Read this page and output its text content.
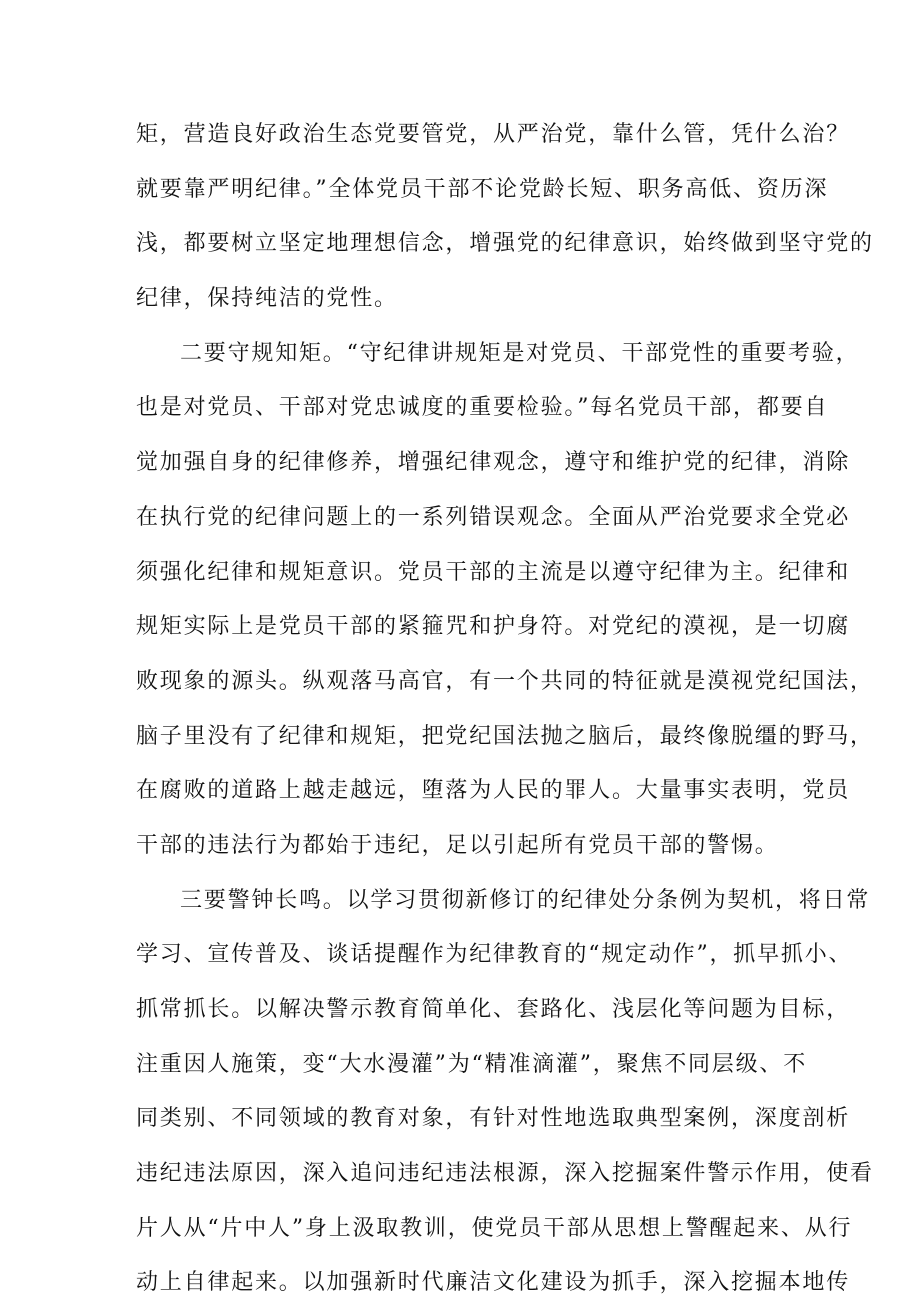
矩，营造良好政治生态党要管党，从严治党，靠什么管，凭什么治？
就要靠严明纪律。”全体党员干部不论党龄长短、职务高低、资历深
浅，都要树立坚定地理想信念，增强党的纪律意识，始终做到坚守党的
纪律，保持纯洁的党性。
二要守规知矩。“守纪律讲规矩是对党员、干部党性的重要考验，
也是对党员、干部对党忠诚度的重要检验。”每名党员干部，都要自
觉加强自身的纪律修养，增强纪律观念，遵守和维护党的纪律，消除
在执行党的纪律问题上的一系列错误观念。全面从严治党要求全党必
须强化纪律和规矩意识。党员干部的主流是以遵守纪律为主。纪律和
规矩实际上是党员干部的紧箍咒和护身符。对党纪的漠视，是一切腐
败现象的源头。纵观落马高官，有一个共同的特征就是漠视党纪国法，
脑子里没有了纪律和规矩，把党纪国法抛之脑后，最终像脱缰的野马，
在腐败的道路上越走越远，堕落为人民的罪人。大量事实表明，党员
干部的违法行为都始于违纪，足以引起所有党员干部的警惕。
三要警钟长鸣。以学习贯彻新修订的纪律处分条例为契机，将日常
学习、宣传普及、谈话提醒作为纪律教育的“规定动作”，抓早抓小、
抓常抓长。以解决警示教育简单化、套路化、浅层化等问题为目标，
注重因人施策，变“大水漫灌”为“精准滴灌”，聚焦不同层级、不
同类别、不同领域的教育对象，有针对性地选取典型案例，深度剖析
违纪违法原因，深入追问违纪违法根源，深入挖掘案件警示作用，使看
片人从“片中人”身上汲取教训，使党员干部从思想上警醒起来、从行
动上自律起来。以加强新时代廉洁文化建设为抓手，深入挖掘本地传
